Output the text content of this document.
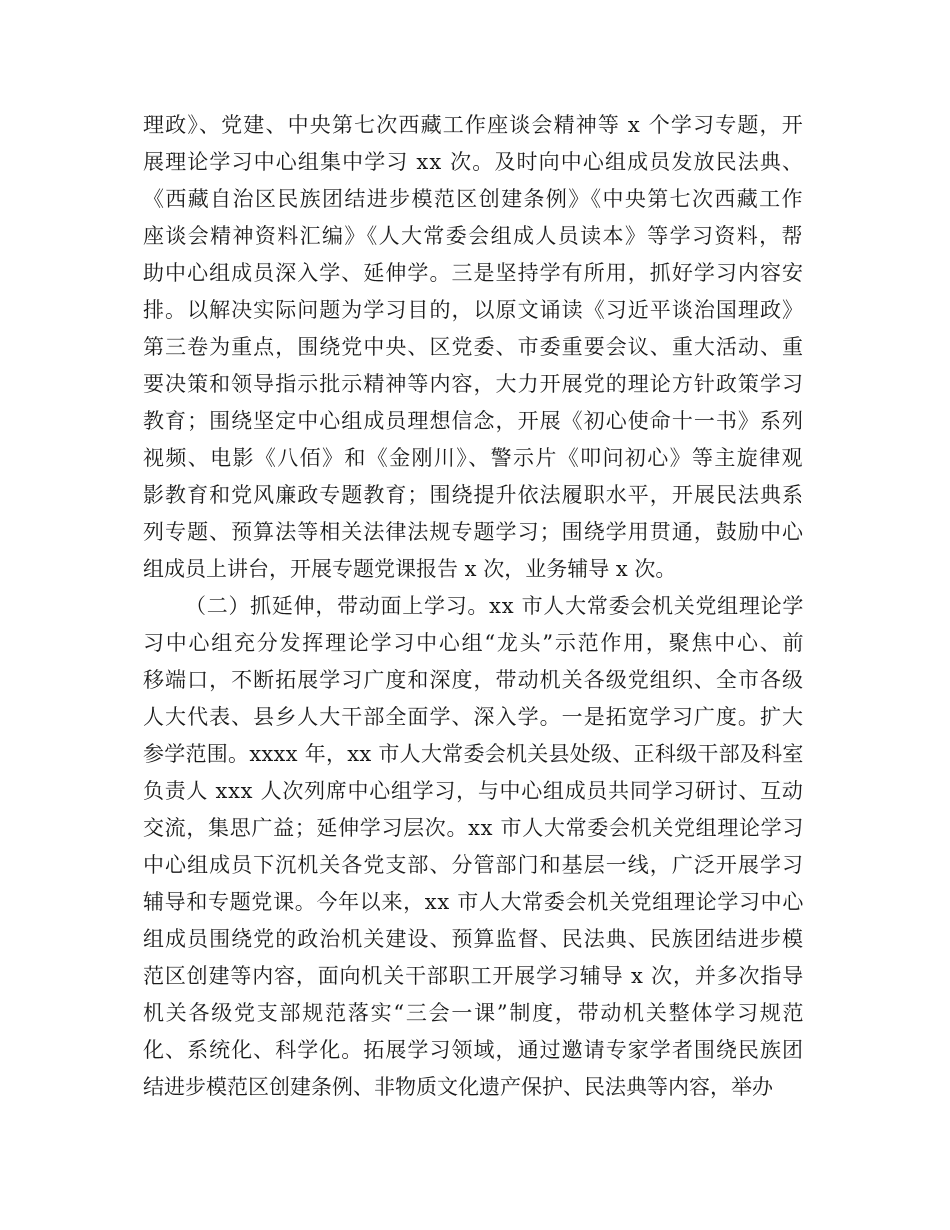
理政》、党建、中央第七次西藏工作座谈会精神等 x 个学习专题，开
展理论学习中心组集中学习 xx 次。及时向中心组成员发放民法典、
《西藏自治区民族团结进步模范区创建条例》《中央第七次西藏工作
座谈会精神资料汇编》《人大常委会组成人员读本》等学习资料，帮
助中心组成员深入学、延伸学。三是坚持学有所用，抓好学习内容安
排。以解决实际问题为学习目的，以原文诵读《习近平谈治国理政》
第三卷为重点，围绕党中央、区党委、市委重要会议、重大活动、重
要决策和领导指示批示精神等内容，大力开展党的理论方针政策学习
教育；围绕坚定中心组成员理想信念，开展《初心使命十一书》系列
视频、电影《八佰》和《金刚川》、警示片《叩问初心》等主旋律观
影教育和党风廉政专题教育；围绕提升依法履职水平，开展民法典系
列专题、预算法等相关法律法规专题学习；围绕学用贯通，鼓励中心
组成员上讲台，开展专题党课报告 x 次，业务辅导 x 次。
（二）抓延伸，带动面上学习。xx 市人大常委会机关党组理论学
习中心组充分发挥理论学习中心组“龙头”示范作用，聚焦中心、前
移端口，不断拓展学习广度和深度，带动机关各级党组织、全市各级
人大代表、县乡人大干部全面学、深入学。一是拓宽学习广度。扩大
参学范围。xxxx 年，xx 市人大常委会机关县处级、正科级干部及科室
负责人 xxx 人次列席中心组学习，与中心组成员共同学习研讨、互动
交流，集思广益；延伸学习层次。xx 市人大常委会机关党组理论学习
中心组成员下沉机关各党支部、分管部门和基层一线，广泛开展学习
辅导和专题党课。今年以来，xx 市人大常委会机关党组理论学习中心
组成员围绕党的政治机关建设、预算监督、民法典、民族团结进步模
范区创建等内容，面向机关干部职工开展学习辅导 x 次，并多次指导
机关各级党支部规范落实“三会一课”制度，带动机关整体学习规范
化、系统化、科学化。拓展学习领域，通过邀请专家学者围绕民族团
结进步模范区创建条例、非物质文化遗产保护、民法典等内容，举办
